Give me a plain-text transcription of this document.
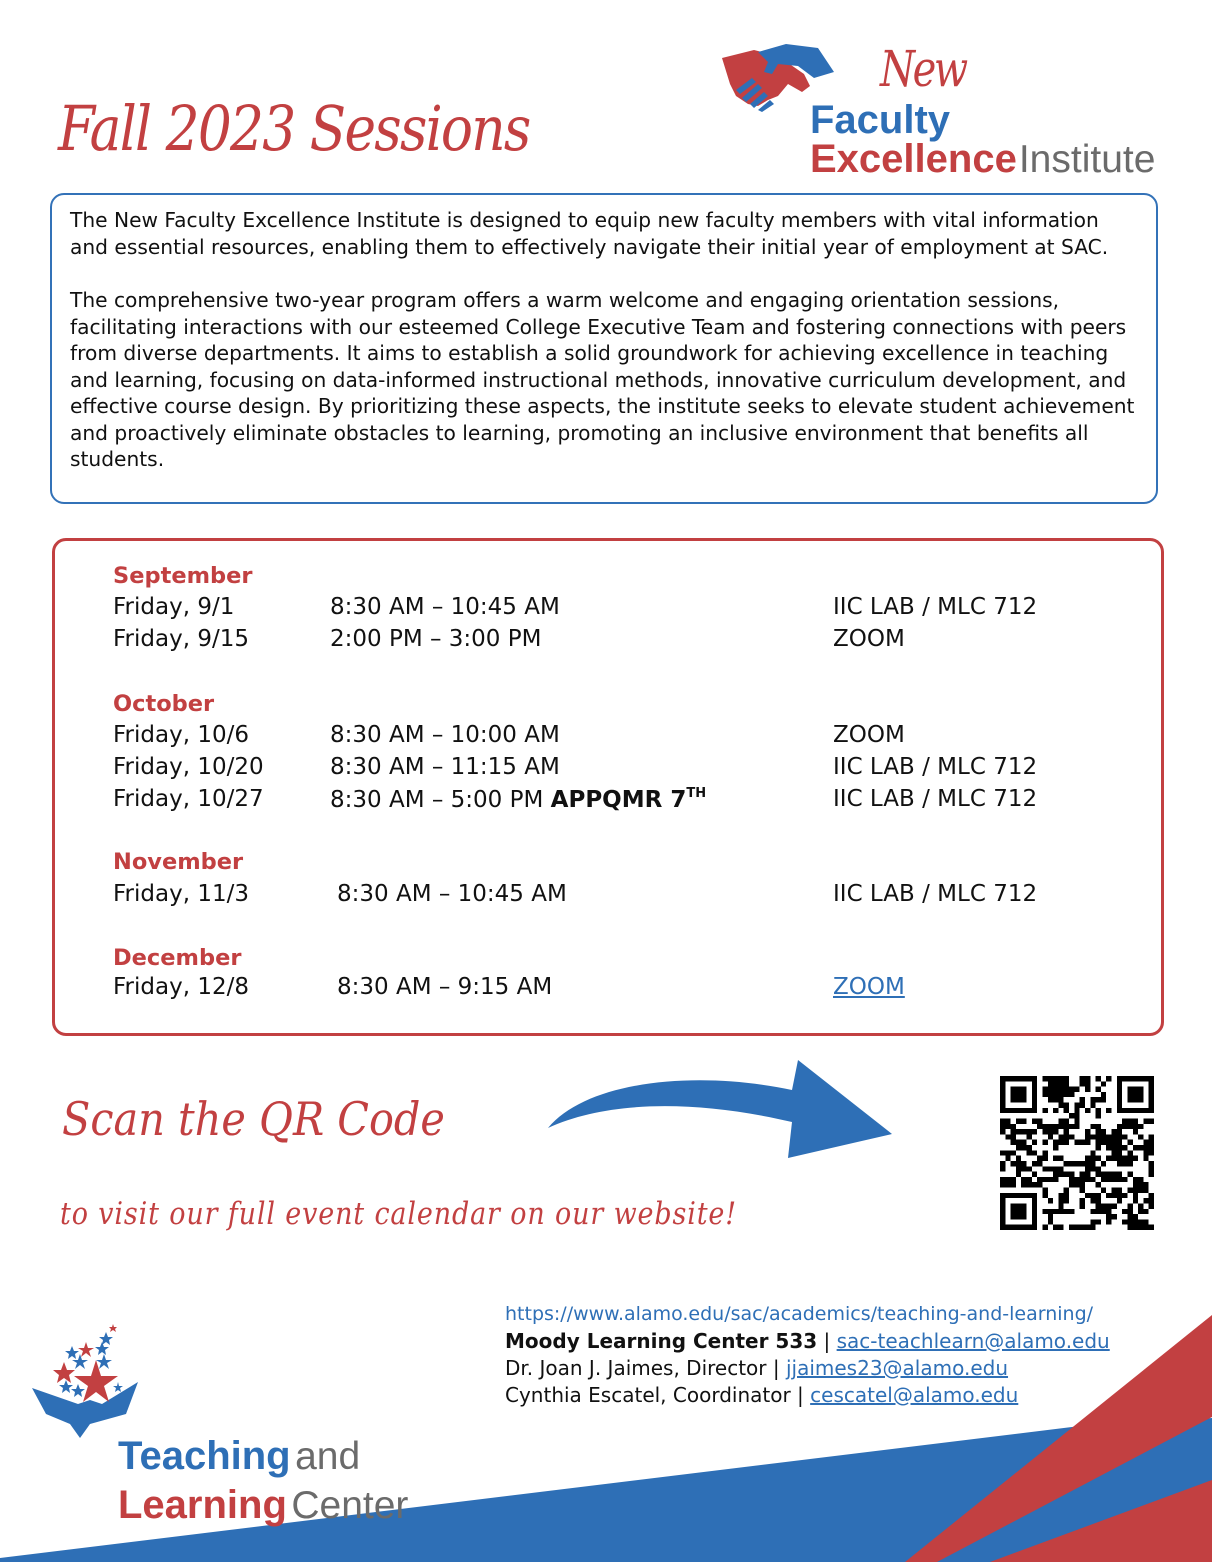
Fall 2023 Sessions
New
Faculty
ExcellenceInstitute

The New Faculty Excellence Institute is designed to equip new faculty members with vital information and essential resources, enabling them to effectively navigate their initial year of employment at SAC.

The comprehensive two-year program offers a warm welcome and engaging orientation sessions, facilitating interactions with our esteemed College Executive Team and fostering connections with peers from diverse departments. It aims to establish a solid groundwork for achieving excellence in teaching and learning, focusing on data-informed instructional methods, innovative curriculum development, and effective course design. By prioritizing these aspects, the institute seeks to elevate student achievement and proactively eliminate obstacles to learning, promoting an inclusive environment that benefits all students.

September
Friday, 9/1	8:30 AM – 10:45 AM	IIC LAB / MLC 712
Friday, 9/15	2:00 PM – 3:00 PM	ZOOM
October
Friday, 10/6	8:30 AM – 10:00 AM	ZOOM
Friday, 10/20	8:30 AM – 11:15 AM	IIC LAB / MLC 712
Friday, 10/27	8:30 AM – 5:00 PM APPQMR 7TH	IIC LAB / MLC 712
November
Friday, 11/3	8:30 AM – 10:45 AM	IIC LAB / MLC 712
December
Friday, 12/8	8:30 AM – 9:15 AM	ZOOM
Scan the QR Code
to visit our full event calendar on our website!
https://www.alamo.edu/sac/academics/teaching-and-learning/
Moody Learning Center 533 | sac-teachlearn@alamo.edu
Dr. Joan J. Jaimes, Director | jjaimes23@alamo.edu
Cynthia Escatel, Coordinator | cescatel@alamo.edu
Teaching and
Learning Center
